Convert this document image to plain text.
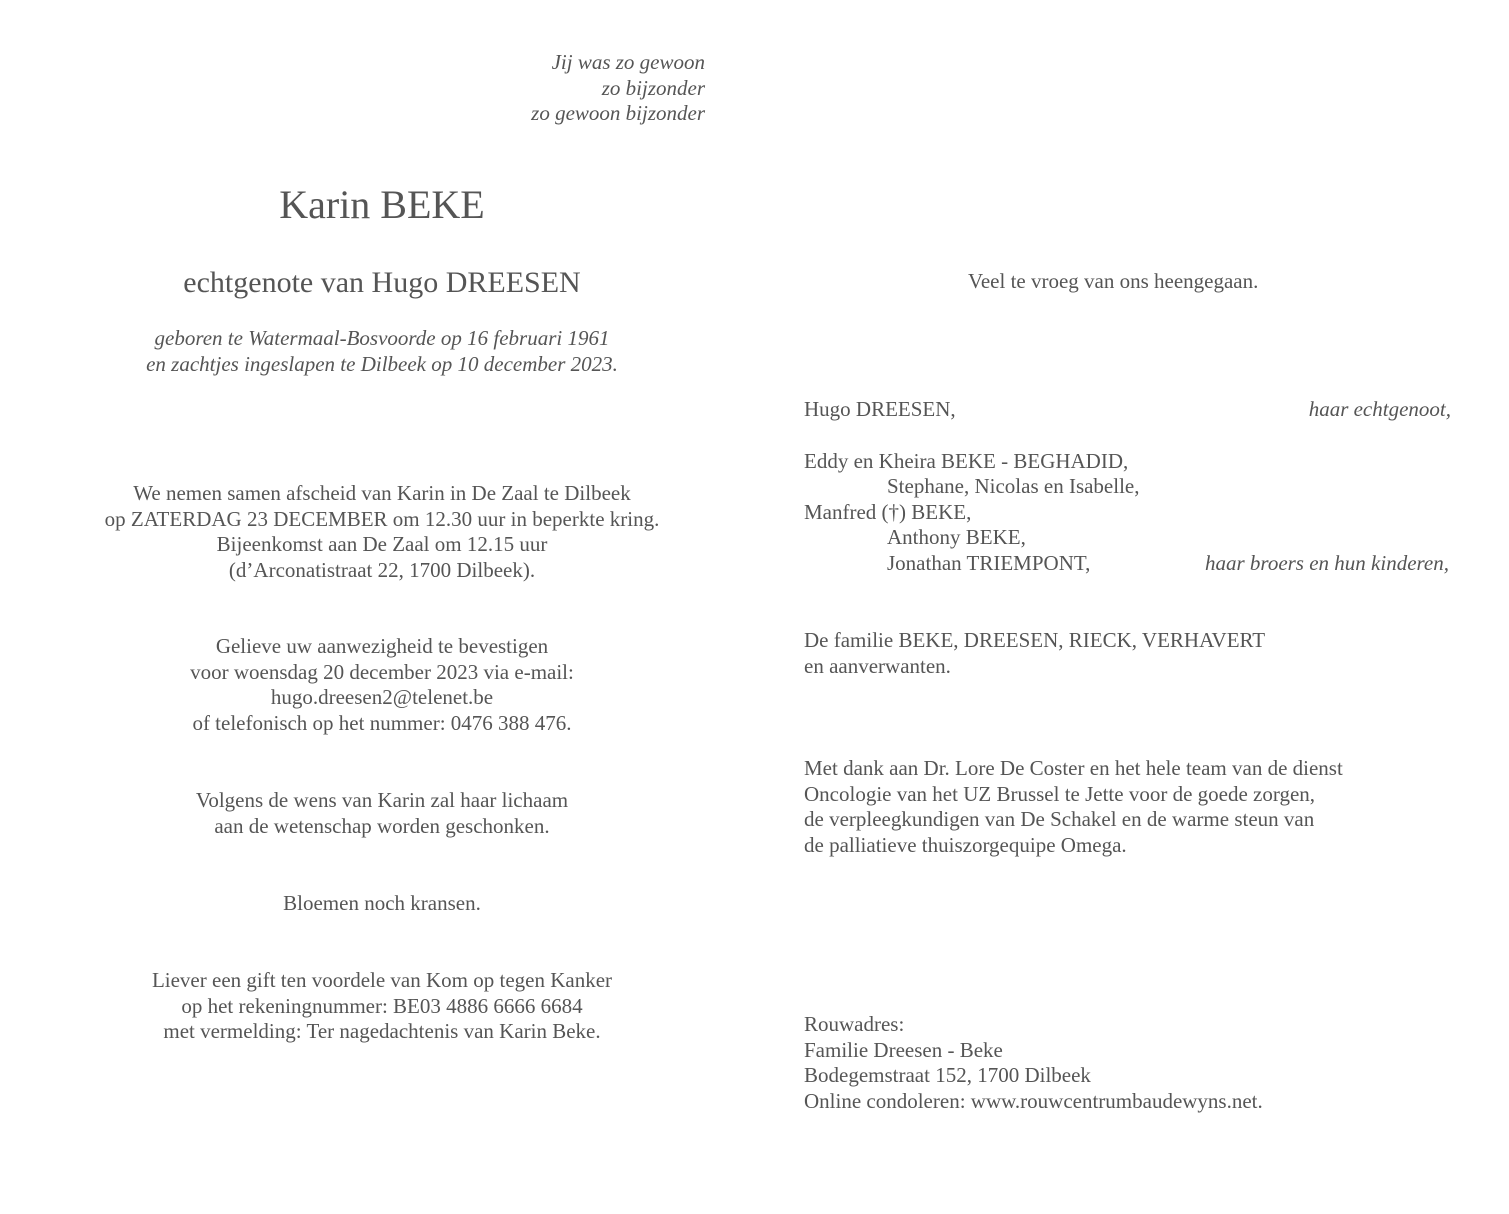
Jij was zo gewoon
zo bijzonder
zo gewoon bijzonder
Karin BEKE
echtgenote van Hugo DREESEN
geboren te Watermaal-Bosvoorde op 16 februari 1961
en zachtjes ingeslapen te Dilbeek op 10 december 2023.
We nemen samen afscheid van Karin in De Zaal te Dilbeek
op ZATERDAG 23 DECEMBER om 12.30 uur in beperkte kring.
Bijeenkomst aan De Zaal om 12.15 uur
(d’Arconatistraat 22, 1700 Dilbeek).
Gelieve uw aanwezigheid te bevestigen
voor woensdag 20 december 2023 via e-mail:
hugo.dreesen2@telenet.be
of telefonisch op het nummer: 0476 388 476.
Volgens de wens van Karin zal haar lichaam
aan de wetenschap worden geschonken.
Bloemen noch kransen.
Liever een gift ten voordele van Kom op tegen Kanker
op het rekeningnummer: BE03 4886 6666 6684
met vermelding: Ter nagedachtenis van Karin Beke.
Veel te vroeg van ons heengegaan.
Hugo DREESEN,	haar echtgenoot,
Eddy en Kheira BEKE - BEGHADID,
Stephane, Nicolas en Isabelle,
Manfred (†) BEKE,
Anthony BEKE,
Jonathan TRIEMPONT,	haar broers en hun kinderen,
De familie BEKE, DREESEN, RIECK, VERHAVERT
en aanverwanten.
Met dank aan Dr. Lore De Coster en het hele team van de dienst
Oncologie van het UZ Brussel te Jette voor de goede zorgen,
de verpleegkundigen van De Schakel en de warme steun van
de palliatieve thuiszorgequipe Omega.
Rouwadres:
Familie Dreesen - Beke
Bodegemstraat 152, 1700 Dilbeek
Online condoleren: www.rouwcentrumbaudewyns.net.
